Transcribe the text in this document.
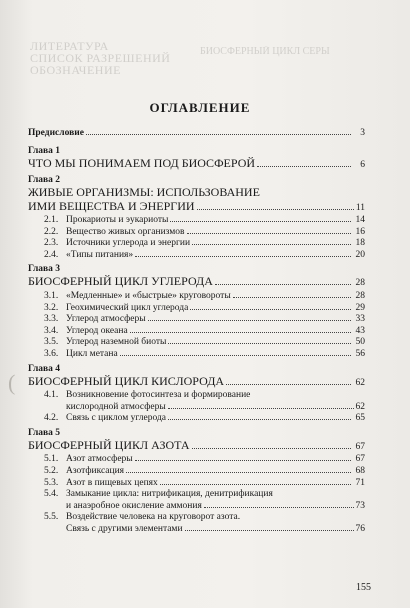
ЛИТЕРАТУРА
СПИСОК РАЗРЕШЕНИЙ
ОБОЗНАЧЕНИЕ
БИОСФЕРНЫЙ ЦИКЛ СЕРЫ
(
ОГЛАВЛЕНИЕ
Предисловие	3
Глава 1
ЧТО МЫ ПОНИМАЕМ ПОД БИОСФЕРОЙ	6
Глава 2
ЖИВЫЕ ОРГАНИЗМЫ: ИСПОЛЬЗОВАНИЕ
ИМИ ВЕЩЕСТВА И ЭНЕРГИИ	11
2.1. Прокариоты и эукариоты	14
2.2. Вещество живых организмов	16
2.3. Источники углерода и энергии	18
2.4. «Типы питания»	20
Глава 3
БИОСФЕРНЫЙ ЦИКЛ УГЛЕРОДА	28
3.1. «Медленные» и «быстрые» круговороты	28
3.2. Геохимический цикл углерода	29
3.3. Углерод атмосферы	33
3.4. Углерод океана	43
3.5. Углерод наземной биоты	50
3.6. Цикл метана	56
Глава 4
БИОСФЕРНЫЙ ЦИКЛ КИСЛОРОДА	62
4.1. Возникновение фотосинтеза и формирование
кислородной атмосферы	62
4.2. Связь с циклом углерода	65
Глава 5
БИОСФЕРНЫЙ ЦИКЛ АЗОТА	67
5.1. Азот атмосферы	67
5.2. Азотфиксация	68
5.3. Азот в пищевых цепях	71
5.4. Замыкание цикла: нитрификация, денитрификация
и анаэробное окисление аммония	73
5.5. Воздействие человека на круговорот азота.
Связь с другими элементами	76
155
